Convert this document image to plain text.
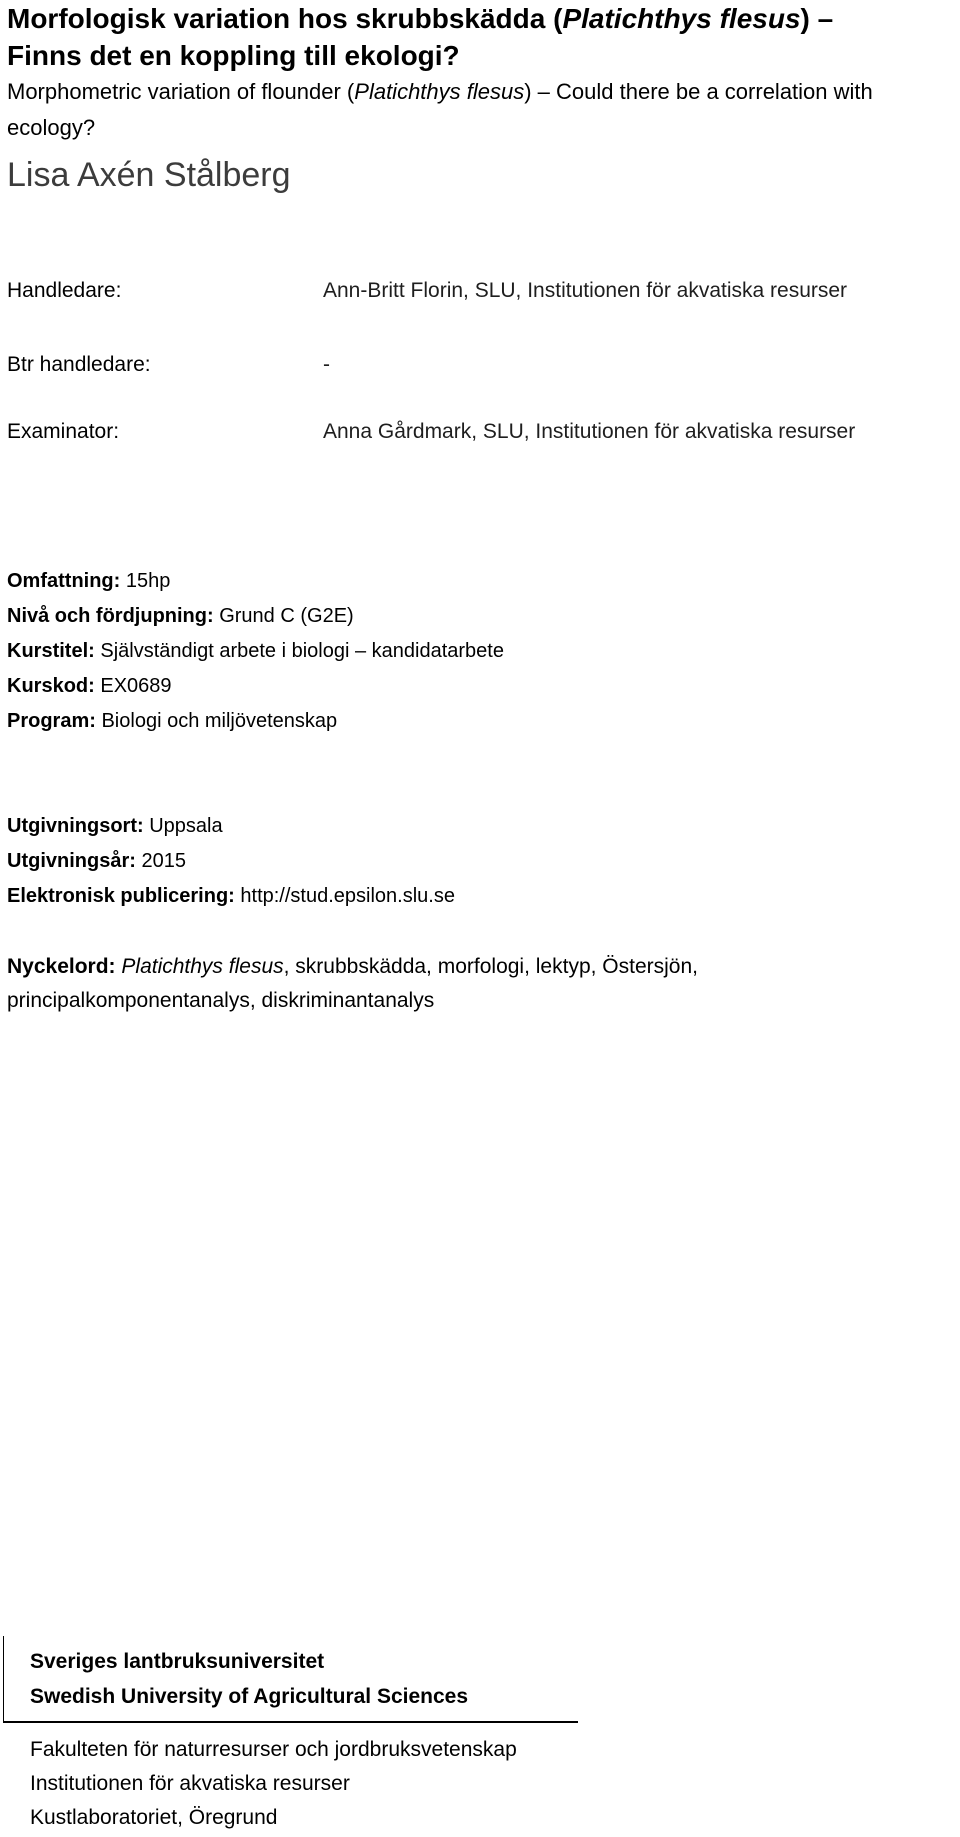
Morfologisk variation hos skrubbskädda (Platichthys flesus) –
Finns det en koppling till ekologi?
Morphometric variation of flounder (Platichthys flesus) – Could there be a correlation with
ecology?
Lisa Axén Stålberg
Handledare:	Ann-Britt Florin, SLU, Institutionen för akvatiska resurser
Btr handledare:	-
Examinator:	Anna Gårdmark, SLU, Institutionen för akvatiska resurser
Omfattning: 15hp
Nivå och fördjupning: Grund C (G2E)
Kurstitel: Självständigt arbete i biologi – kandidatarbete
Kurskod: EX0689
Program: Biologi och miljövetenskap
Utgivningsort: Uppsala
Utgivningsår: 2015
Elektronisk publicering: http://stud.epsilon.slu.se
Nyckelord: Platichthys flesus, skrubbskädda, morfologi, lektyp, Östersjön,
principalkomponentanalys, diskriminantanalys
Sveriges lantbruksuniversitet
Swedish University of Agricultural Sciences
Fakulteten för naturresurser och jordbruksvetenskap
Institutionen för akvatiska resurser
Kustlaboratoriet, Öregrund
